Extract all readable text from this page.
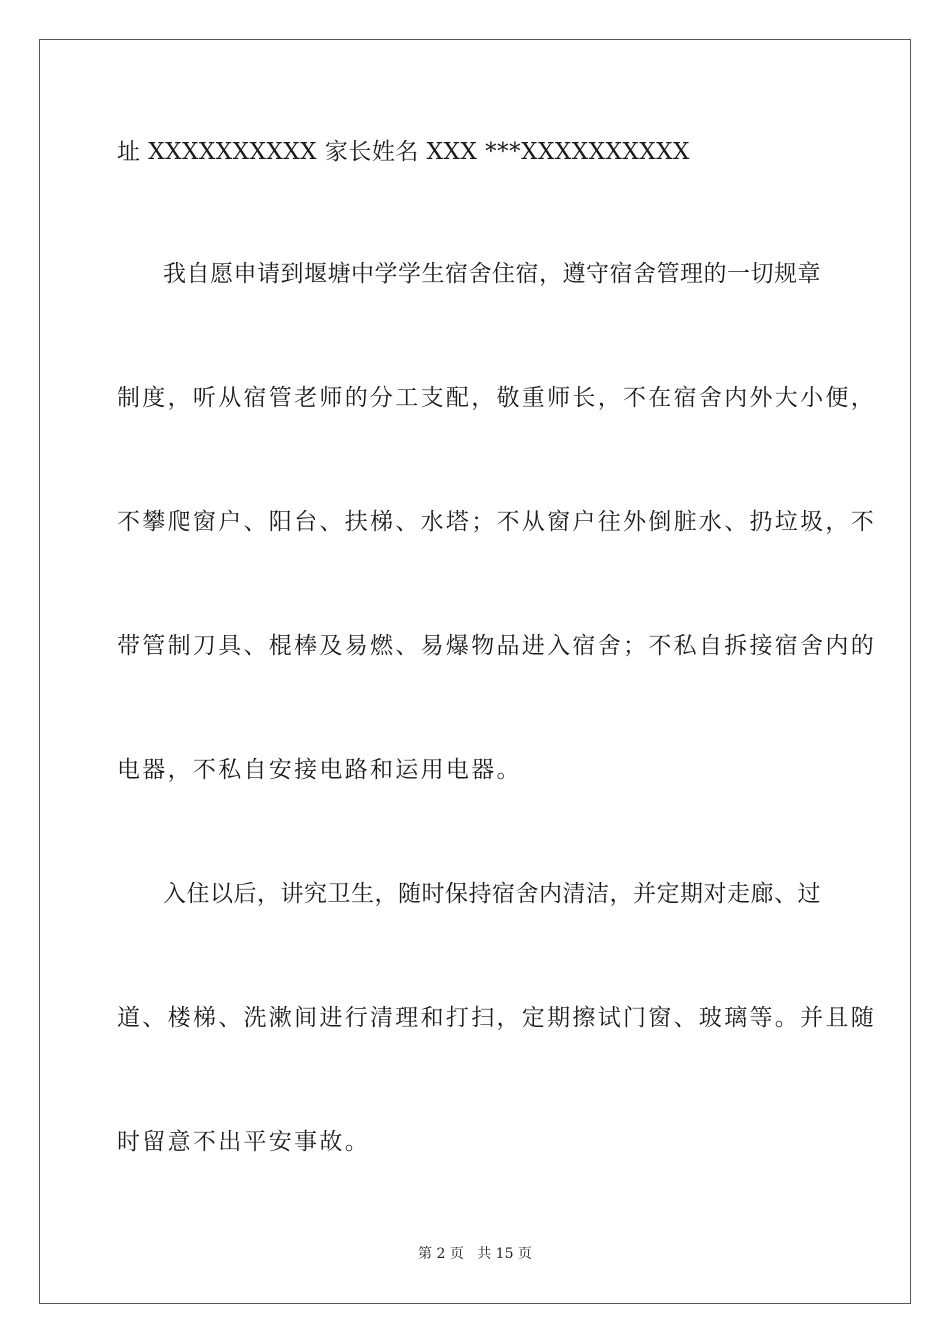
址 XXXXXXXXXX 家长姓名 XXX ***XXXXXXXXXX
我自愿申请到堰塘中学学生宿舍住宿，遵守宿舍管理的一切规章
制度，听从宿管老师的分工支配，敬重师长，不在宿舍内外大小便，
不攀爬窗户、阳台、扶梯、水塔；不从窗户往外倒脏水、扔垃圾，不
带管制刀具、棍棒及易燃、易爆物品进入宿舍；不私自拆接宿舍内的
电器，不私自安接电路和运用电器。
入住以后，讲究卫生，随时保持宿舍内清洁，并定期对走廊、过
道、楼梯、洗漱间进行清理和打扫，定期擦试门窗、玻璃等。并且随
时留意不出平安事故。
第 2 页 共 15 页
